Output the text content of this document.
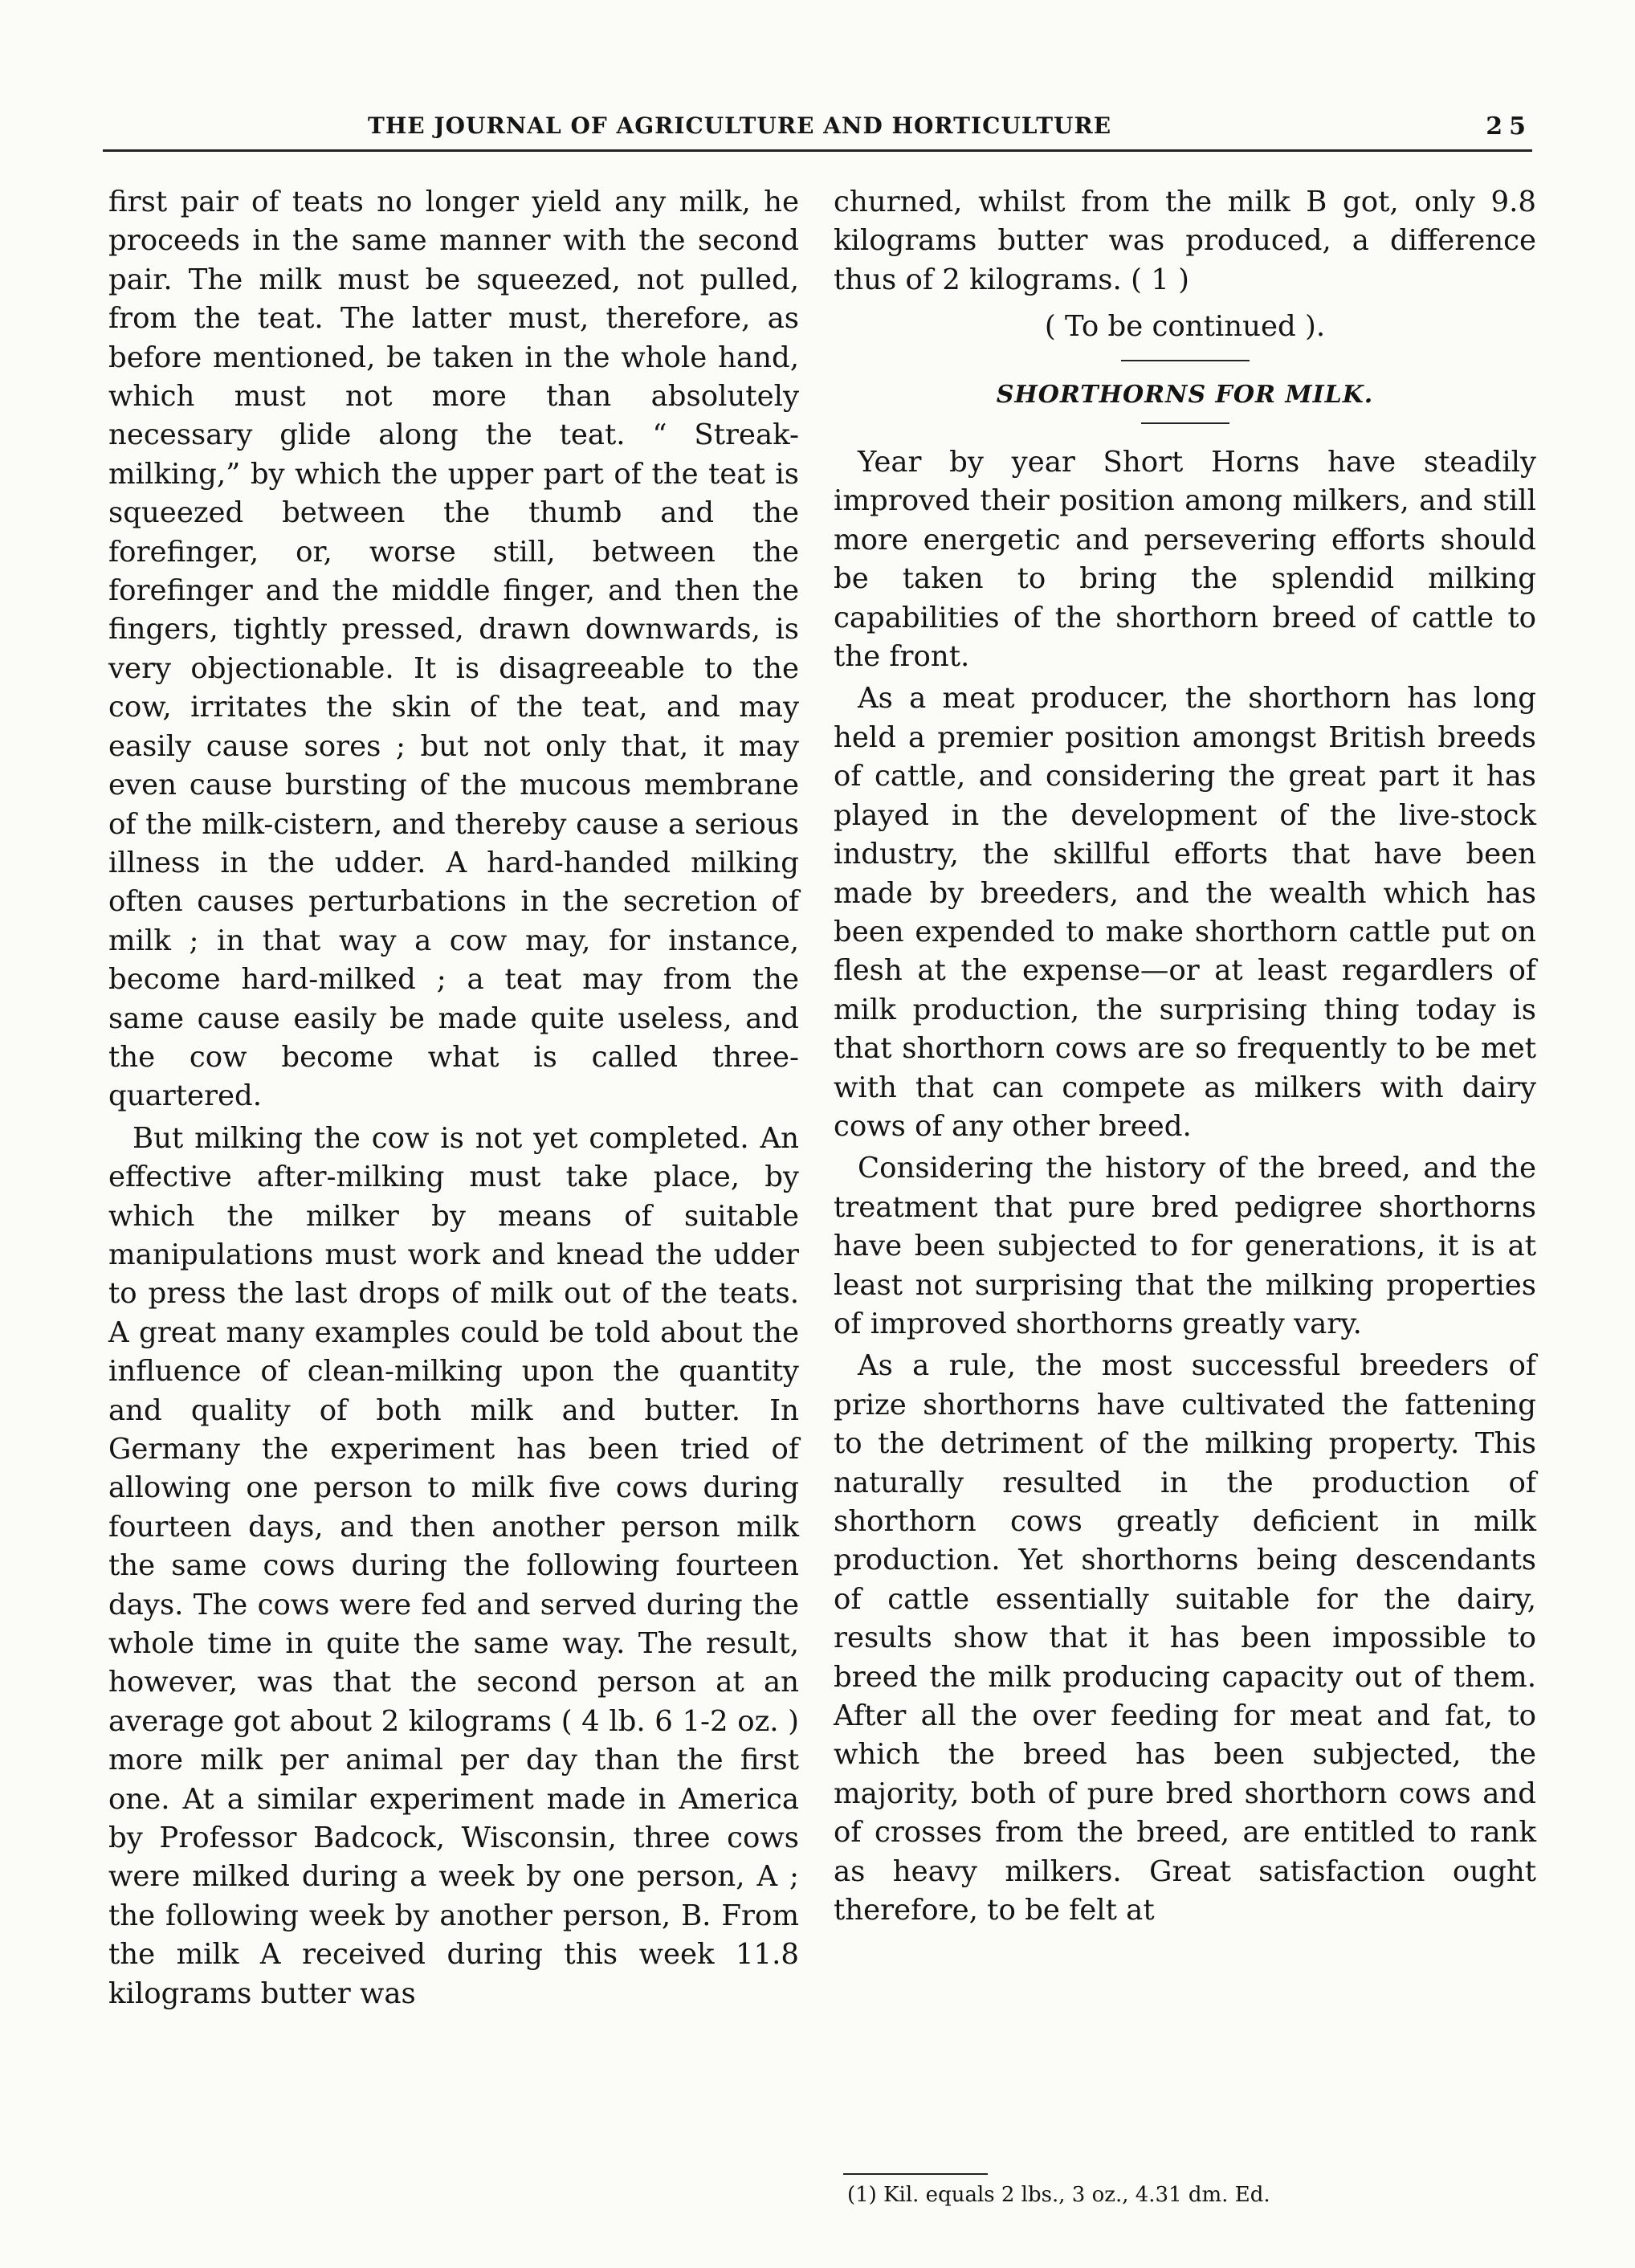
THE JOURNAL OF AGRICULTURE AND HORTICULTURE	25

first pair of teats no longer yield any milk, he proceeds in the same manner with the second pair. The milk must be squeezed, not pulled, from the teat. The latter must, therefore, as before mentioned, be taken in the whole hand, which must not more than absolutely necessary glide along the teat. “ Streak-milking,” by which the upper part of the teat is squeezed between the thumb and the forefinger, or, worse still, between the forefinger and the middle finger, and then the fingers, tightly pressed, drawn downwards, is very objectionable. It is disagreeable to the cow, irritates the skin of the teat, and may easily cause sores ; but not only that, it may even cause bursting of the mucous membrane of the milk-cistern, and thereby cause a serious illness in the udder. A hard-handed milking often causes perturbations in the secretion of milk ; in that way a cow may, for instance, become hard-milked ; a teat may from the same cause easily be made quite useless, and the cow become what is called three-quartered.

But milking the cow is not yet completed. An effective after-milking must take place, by which the milker by means of suitable manipulations must work and knead the udder to press the last drops of milk out of the teats. A great many examples could be told about the influence of clean-milking upon the quantity and quality of both milk and butter. In Germany the experiment has been tried of allowing one person to milk five cows during fourteen days, and then another person milk the same cows during the following fourteen days. The cows were fed and served during the whole time in quite the same way. The result, however, was that the second person at an average got about 2 kilograms ( 4 lb. 6 1-2 oz. ) more milk per animal per day than the first one. At a similar experiment made in America by Professor Badcock, Wisconsin, three cows were milked during a week by one person, A ; the following week by another person, B. From the milk A received during this week 11.8 kilograms butter was

churned, whilst from the milk B got, only 9.8 kilograms butter was produced, a difference thus of 2 kilograms. ( 1 )

( To be continued ).
SHORTHORNS FOR MILK.

Year by year Short Horns have steadily improved their position among milkers, and still more energetic and persevering efforts should be taken to bring the splendid milking capabilities of the shorthorn breed of cattle to the front.

As a meat producer, the shorthorn has long held a premier position amongst British breeds of cattle, and considering the great part it has played in the development of the live-stock industry, the skillful efforts that have been made by breeders, and the wealth which has been expended to make shorthorn cattle put on flesh at the expense—or at least regardlers of milk production, the surprising thing today is that shorthorn cows are so frequently to be met with that can compete as milkers with dairy cows of any other breed.

Considering the history of the breed, and the treatment that pure bred pedigree shorthorns have been subjected to for generations, it is at least not surprising that the milking properties of improved shorthorns greatly vary.

As a rule, the most successful breeders of prize shorthorns have cultivated the fattening to the detriment of the milking property. This naturally resulted in the production of shorthorn cows greatly deficient in milk production. Yet shorthorns being descendants of cattle essentially suitable for the dairy, results show that it has been impossible to breed the milk producing capacity out of them. After all the over feeding for meat and fat, to which the breed has been subjected, the majority, both of pure bred shorthorn cows and of crosses from the breed, are entitled to rank as heavy milkers. Great satisfaction ought therefore, to be felt at

(1) Kil. equals 2 lbs., 3 oz., 4.31 dm. Ed.
